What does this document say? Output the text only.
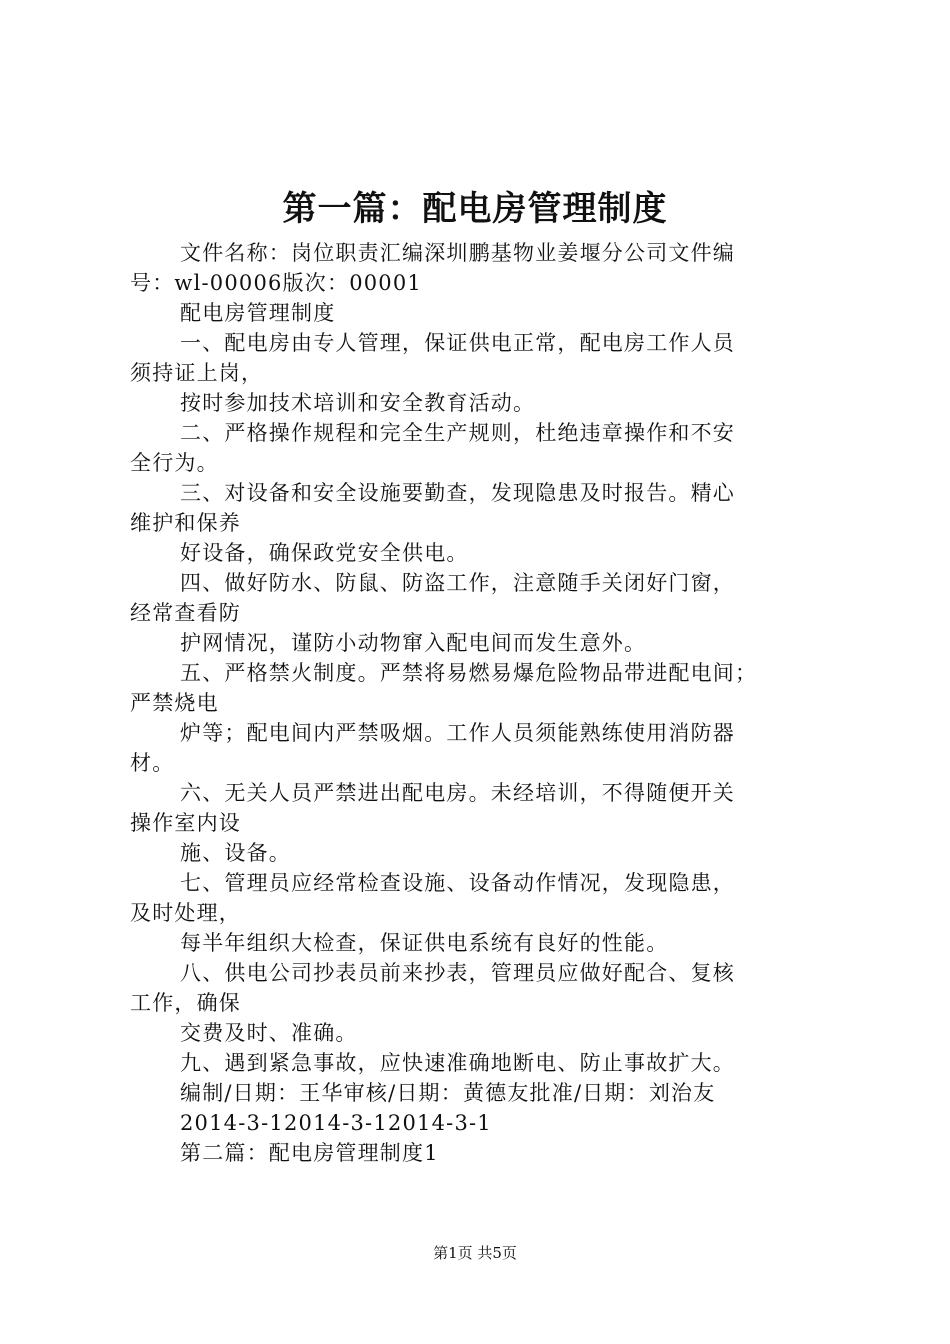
第一篇：配电房管理制度
文件名称：岗位职责汇编深圳鹏基物业姜堰分公司文件编
号：wl-00006版次：00001
配电房管理制度
一、配电房由专人管理，保证供电正常，配电房工作人员
须持证上岗，
按时参加技术培训和安全教育活动。
二、严格操作规程和完全生产规则，杜绝违章操作和不安
全行为。
三、对设备和安全设施要勤查，发现隐患及时报告。精心
维护和保养
好设备，确保政党安全供电。
四、做好防水、防鼠、防盗工作，注意随手关闭好门窗，
经常查看防
护网情况，谨防小动物窜入配电间而发生意外。
五、严格禁火制度。严禁将易燃易爆危险物品带进配电间；
严禁烧电
炉等；配电间内严禁吸烟。工作人员须能熟练使用消防器
材。
六、无关人员严禁进出配电房。未经培训，不得随便开关
操作室内设
施、设备。
七、管理员应经常检查设施、设备动作情况，发现隐患，
及时处理，
每半年组织大检查，保证供电系统有良好的性能。
八、供电公司抄表员前来抄表，管理员应做好配合、复核
工作，确保
交费及时、准确。
九、遇到紧急事故，应快速准确地断电、防止事故扩大。
编制/日期：王华审核/日期：黄德友批准/日期：刘治友
2014-3-12014-3-12014-3-1
第二篇：配电房管理制度1
第1页 共5页
